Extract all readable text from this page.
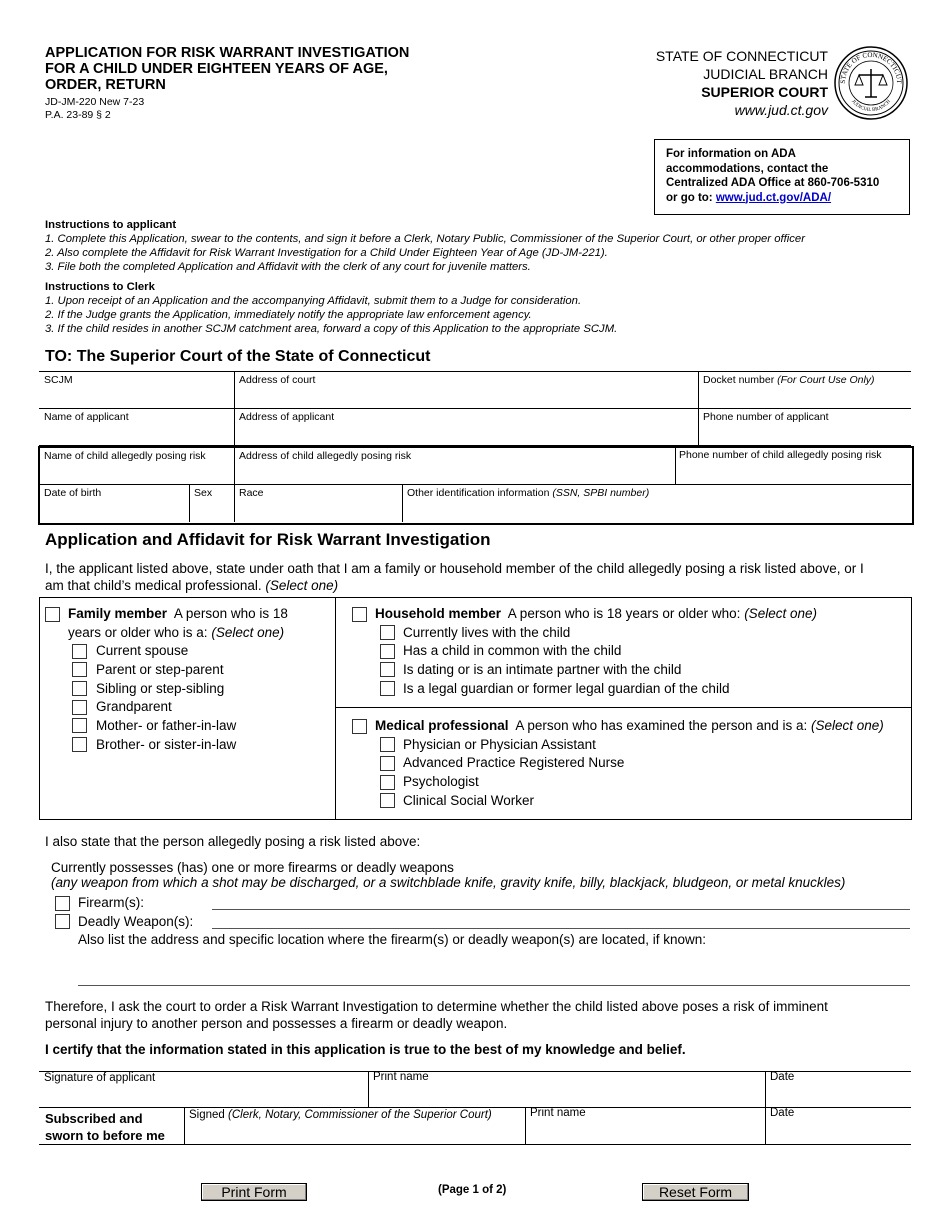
APPLICATION FOR RISK WARRANT INVESTIGATION
FOR A CHILD UNDER EIGHTEEN YEARS OF AGE,
ORDER, RETURN
JD-JM-220 New 7-23
P.A. 23-89 § 2
STATE OF CONNECTICUT
JUDICIAL BRANCH
SUPERIOR COURT
www.jud.ct.gov
STATE OF CONNECTICUT
JUDICIAL BRANCH
For information on ADA
accommodations, contact the
Centralized ADA Office at 860-706-5310
or go to: www.jud.ct.gov/ADA/
Instructions to applicant
1. Complete this Application, swear to the contents, and sign it before a Clerk, Notary Public, Commissioner of the Superior Court, or other proper officer
2. Also complete the Affidavit for Risk Warrant Investigation for a Child Under Eighteen Year of Age (JD-JM-221).
3. File both the completed Application and Affidavit with the clerk of any court for juvenile matters.
Instructions to Clerk
1. Upon receipt of an Application and the accompanying Affidavit, submit them to a Judge for consideration.
2. If the Judge grants the Application, immediately notify the appropriate law enforcement agency.
3. If the child resides in another SCJM catchment area, forward a copy of this Application to the appropriate SCJM.
TO: The Superior Court of the State of Connecticut
SCJM	Address of court	Docket number (For Court Use Only)
Name of applicant	Address of applicant	Phone number of applicant
Name of child allegedly posing risk	Address of child allegedly posing risk	Phone number of child allegedly posing risk
Date of birth	Sex	Race	Other identification information (SSN, SPBI number)
Application and Affidavit for Risk Warrant Investigation
I, the applicant listed above, state under oath that I am a family or household member of the child allegedly posing a risk listed above, or I
am that child’s medical professional. (Select one)
Family member A person who is 18
years or older who is a: (Select one)
Current spouse
Parent or step-parent
Sibling or step-sibling
Grandparent
Mother- or father-in-law
Brother- or sister-in-law
Household member A person who is 18 years or older who: (Select one)
Currently lives with the child
Has a child in common with the child
Is dating or is an intimate partner with the child
Is a legal guardian or former legal guardian of the child
Medical professional A person who has examined the person and is a: (Select one)
Physician or Physician Assistant
Advanced Practice Registered Nurse
Psychologist
Clinical Social Worker
I also state that the person allegedly posing a risk listed above:
Currently possesses (has) one or more firearms or deadly weapons
(any weapon from which a shot may be discharged, or a switchblade knife, gravity knife, billy, blackjack, bludgeon, or metal knuckles)
Firearm(s):
Deadly Weapon(s):
Also list the address and specific location where the firearm(s) or deadly weapon(s) are located, if known:
Therefore, I ask the court to order a Risk Warrant Investigation to determine whether the child listed above poses a risk of imminent
personal injury to another person and possesses a firearm or deadly weapon.
I certify that the information stated in this application is true to the best of my knowledge and belief.
Signature of applicant	Print name	Date
Subscribed and
sworn to before me
Signed (Clerk, Notary, Commissioner of the Superior Court)	Print name	Date
Print Form	(Page 1 of 2)	Reset Form
